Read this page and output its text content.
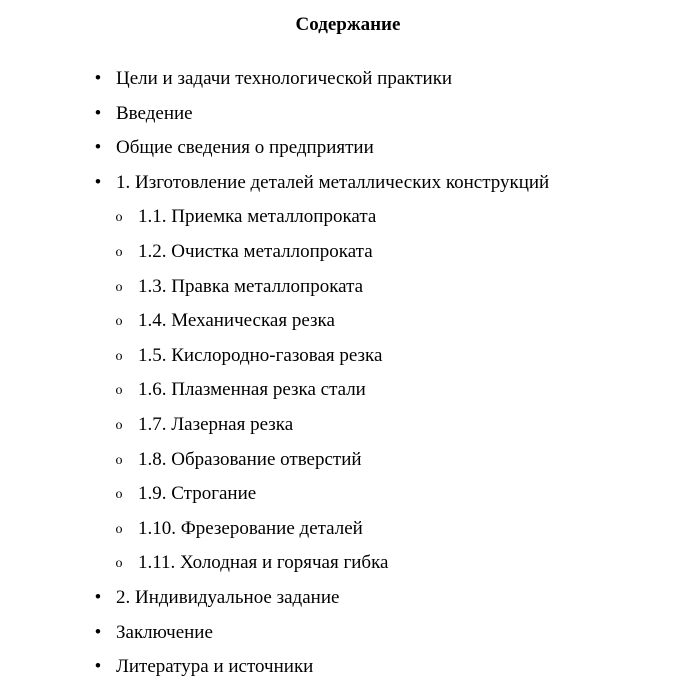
Содержание
• Цели и задачи технологической практики
• Введение
• Общие сведения о предприятии
• 1. Изготовление деталей металлических конструкций
o 1.1. Приемка металлопроката
o 1.2. Очистка металлопроката
o 1.3. Правка металлопроката
o 1.4. Механическая резка
o 1.5. Кислородно-газовая резка
o 1.6. Плазменная резка стали
o 1.7. Лазерная резка
o 1.8. Образование отверстий
o 1.9. Строгание
o 1.10. Фрезерование деталей
o 1.11. Холодная и горячая гибка
• 2. Индивидуальное задание
• Заключение
• Литература и источники
